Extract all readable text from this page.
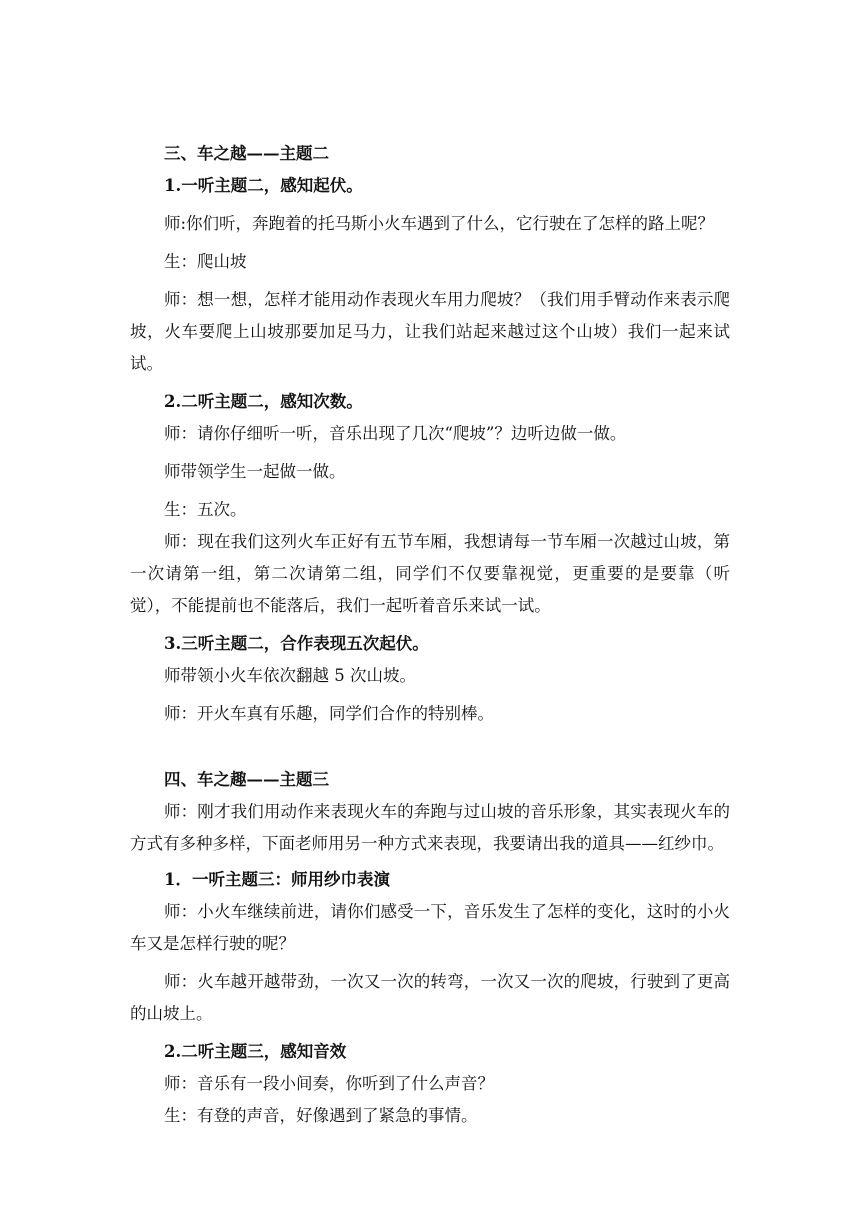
三、车之越——主题二

1.一听主题二，感知起伏。

师:你们听，奔跑着的托马斯小火车遇到了什么，它行驶在了怎样的路上呢？

生：爬山坡

师：想一想，怎样才能用动作表现火车用力爬坡？（我们用手臂动作来表示爬坡，火车要爬上山坡那要加足马力，让我们站起来越过这个山坡）我们一起来试试。

2.二听主题二，感知次数。

师：请你仔细听一听，音乐出现了几次“爬坡”？边听边做一做。

师带领学生一起做一做。

生：五次。

师：现在我们这列火车正好有五节车厢，我想请每一节车厢一次越过山坡，第一次请第一组，第二次请第二组，同学们不仅要靠视觉，更重要的是要靠（听觉），不能提前也不能落后，我们一起听着音乐来试一试。

3.三听主题二，合作表现五次起伏。

师带领小火车依次翻越 5 次山坡。

师：开火车真有乐趣，同学们合作的特别棒。

四、车之趣——主题三

师：刚才我们用动作来表现火车的奔跑与过山坡的音乐形象，其实表现火车的方式有多种多样，下面老师用另一种方式来表现，我要请出我的道具——红纱巾。

1．一听主题三：师用纱巾表演

师：小火车继续前进，请你们感受一下，音乐发生了怎样的变化，这时的小火车又是怎样行驶的呢？

师：火车越开越带劲，一次又一次的转弯，一次又一次的爬坡，行驶到了更高的山坡上。

2.二听主题三，感知音效

师：音乐有一段小间奏，你听到了什么声音？

生：有登的声音，好像遇到了紧急的事情。
